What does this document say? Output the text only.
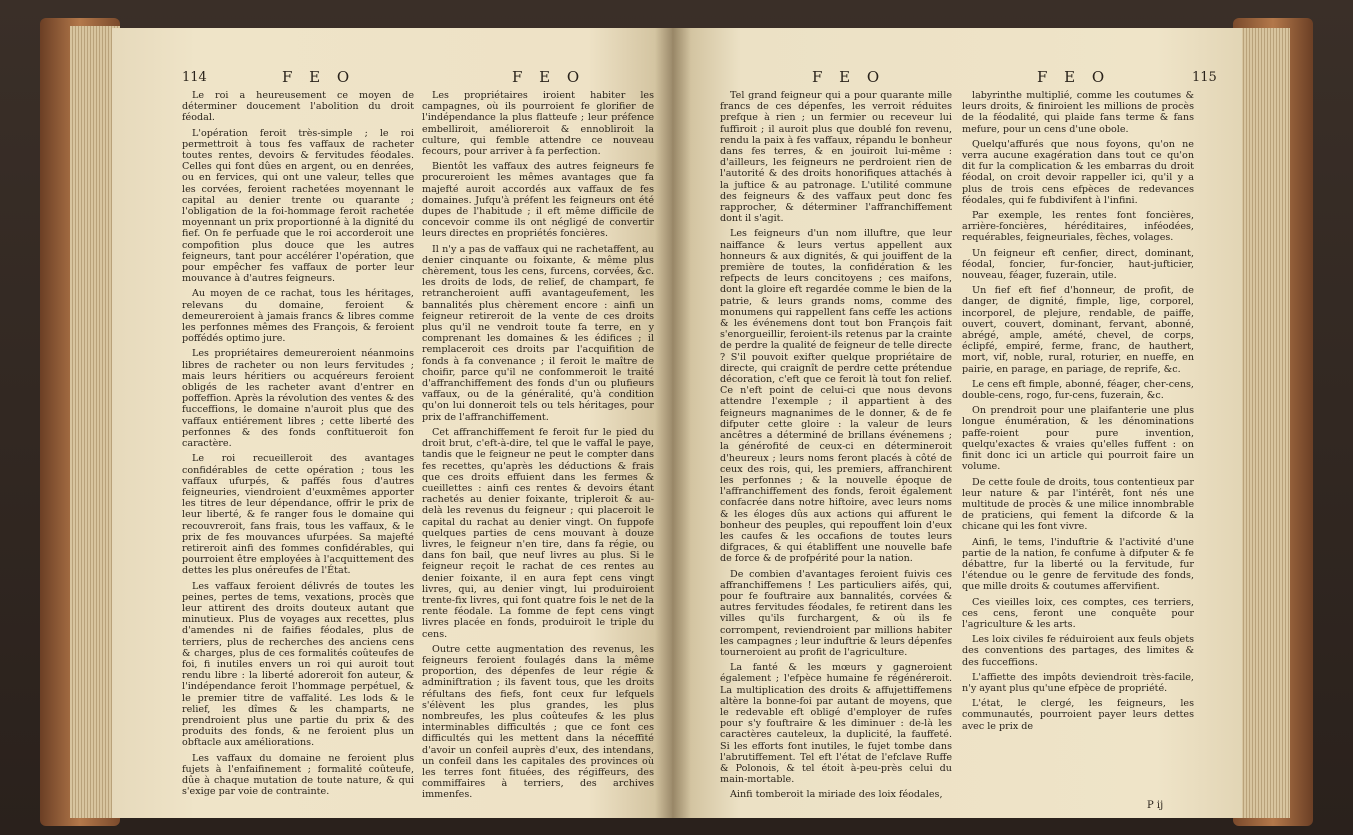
114	F E O	F E O

Le roi a heureusement ce moyen de déterminer doucement l'abolition du droit féodal.

L'opération feroit très-simple ; le roi permettroit à tous fes vaffaux de racheter toutes rentes, devoirs & fervitudes féodales. Celles qui font dûes en argent, ou en denrées, ou en fervices, qui ont une valeur, telles que les corvées, feroient rachetées moyennant le capital au denier trente ou quarante ; l'obligation de la foi-hommage feroit rachetée moyennant un prix proportionné à la dignité du fief. On fe perfuade que le roi accorderoit une compofition plus douce que les autres feigneurs, tant pour accélérer l'opération, que pour empêcher fes vaffaux de porter leur mouvance à d'autres feigneurs.

Au moyen de ce rachat, tous les héritages, relevans du domaine, feroient & demeureroient à jamais francs & libres comme les perfonnes mêmes des François, & feroient poffédés optimo jure.

Les propriétaires demeureroient néanmoins libres de racheter ou non leurs fervitudes ; mais leurs héritiers ou acquéreurs feroient obligés de les racheter avant d'entrer en poffeffion. Après la révolution des ventes & des fucceffions, le domaine n'auroit plus que des vaffaux entiérement libres ; cette liberté des perfonnes & des fonds conftitueroit fon caractère.

Le roi recueilleroit des avantages confidérables de cette opération ; tous les vaffaux ufurpés, & paffés fous d'autres feigneuries, viendroient d'euxmêmes apporter les titres de leur dépendance, offrir le prix de leur liberté, & fe ranger fous le domaine qui recouvreroit, fans frais, tous les vaffaux, & le prix de fes mouvances ufurpées. Sa majefté retireroit ainfi des fommes confidérables, qui pourroient être employées à l'acquittement des dettes les plus onéreufes de l'État.

Les vaffaux feroient délivrés de toutes les peines, pertes de tems, vexations, procès que leur attirent des droits douteux autant que minutieux. Plus de voyages aux recettes, plus d'amendes ni de faifies féodales, plus de terriers, plus de recherches des anciens cens & charges, plus de ces formalités coûteufes de foi, fi inutiles envers un roi qui auroit tout rendu libre : la liberté adoreroit fon auteur, & l'indépendance feroit l'hommage perpétuel, & le premier titre de vaffalité. Les lods & le relief, les dîmes & les champarts, ne prendroient plus une partie du prix & des produits des fonds, & ne feroient plus un obftacle aux améliorations.

Les vaffaux du domaine ne feroient plus fujets à l'enfaifinement ; formalité coûteufe, dûe à chaque mutation de toute nature, & qui s'exige par voie de contrainte.

Les propriétaires iroient habiter les campagnes, où ils pourroient fe glorifier de l'indépendance la plus flatteufe ; leur préfence embelliroit, amélioreroit & ennobliroit la culture, qui femble attendre ce nouveau fecours, pour arriver à fa perfection.

Bientôt les vaffaux des autres feigneurs fe procureroient les mêmes avantages que fa majefté auroit accordés aux vaffaux de fes domaines. Jufqu'à préfent les feigneurs ont été dupes de l'habitude ; il eft même difficile de concevoir comme ils ont négligé de convertir leurs directes en propriétés foncières.

Il n'y a pas de vaffaux qui ne rachetaffent, au denier cinquante ou foixante, & même plus chèrement, tous les cens, furcens, corvées, &c. les droits de lods, de relief, de champart, fe retrancheroient auffi avantageufement, les bannalités plus chèrement encore : ainfi un feigneur retireroit de la vente de ces droits plus qu'il ne vendroit toute fa terre, en y comprenant les domaines & les édifices ; il remplaceroit ces droits par l'acquifition de fonds à fa convenance ; il feroit le maître de choifir, parce qu'il ne confommeroit le traité d'affranchiffement des fonds d'un ou plufieurs vaffaux, ou de la généralité, qu'à condition qu'on lui donneroit tels ou tels héritages, pour prix de l'affranchiffement.

Cet affranchiffement fe feroit fur le pied du droit brut, c'eft-à-dire, tel que le vaffal le paye, tandis que le feigneur ne peut le compter dans fes recettes, qu'après les déductions & frais que ces droits effuient dans les fermes & cueillettes : ainfi ces rentes & devoirs étant rachetés au denier foixante, tripleroit & au-delà les revenus du feigneur ; qui placeroit le capital du rachat au denier vingt. On fuppofe quelques parties de cens mouvant à douze livres, le feigneur n'en tire, dans fa régie, ou dans fon bail, que neuf livres au plus. Si le feigneur reçoit le rachat de ces rentes au denier foixante, il en aura fept cens vingt livres, qui, au denier vingt, lui produiroient trente-fix livres, qui font quatre fois le net de la rente féodale. La fomme de fept cens vingt livres placée en fonds, produiroit le triple du cens.

Outre cette augmentation des revenus, les feigneurs feroient foulagés dans la même proportion, des dépenfes de leur régie & adminiftration ; ils favent tous, que les droits réfultans des fiefs, font ceux fur lefquels s'élèvent les plus grandes, les plus nombreufes, les plus coûteufes & les plus interminables difficultés ; que ce font ces difficultés qui les mettent dans la néceffité d'avoir un confeil auprès d'eux, des intendans, un confeil dans les capitales des provinces où les terres font fituées, des régiffeurs, des commiffaires à terriers, des archives immenfes.

F E O	F E O	115

Tel grand feigneur qui a pour quarante mille francs de ces dépenfes, les verroit réduites prefque à rien ; un fermier ou receveur lui fuffiroit ; il auroit plus que doublé fon revenu, rendu la paix à fes vaffaux, répandu le bonheur dans fes terres, & en jouiroit lui-même : d'ailleurs, les feigneurs ne perdroient rien de l'autorité & des droits honorifiques attachés à la juftice & au patronage. L'utilité commune des feigneurs & des vaffaux peut donc fes rapprocher, & déterminer l'affranchiffement dont il s'agit.

Les feigneurs d'un nom illuftre, que leur naiffance & leurs vertus appellent aux honneurs & aux dignités, & qui jouiffent de la première de toutes, la confidération & les refpects de leurs concitoyens ; ces maifons, dont la gloire eft regardée comme le bien de la patrie, & leurs grands noms, comme des monumens qui rappellent fans ceffe les actions & les événemens dont tout bon François fait s'enorgueillir, feroient-ils retenus par la crainte de perdre la qualité de feigneur de telle directe ? S'il pouvoit exifter quelque propriétaire de directe, qui craignît de perdre cette prétendue décoration, c'eft que ce feroit là tout fon relief. Ce n'eft point de celui-ci que nous devons attendre l'exemple ; il appartient à des feigneurs magnanimes de le donner, & de fe difputer cette gloire : la valeur de leurs ancêtres a déterminé de brillans événemens ; la générofité de ceux-ci en détermineroit d'heureux ; leurs noms feront placés à côté de ceux des rois, qui, les premiers, affranchirent les perfonnes ; & la nouvelle époque de l'affranchiffement des fonds, feroit également confacrée dans notre hiftoire, avec leurs noms & les éloges dûs aux actions qui affurent le bonheur des peuples, qui repouffent loin d'eux les caufes & les occafions de toutes leurs difgraces, & qui établiffent une nouvelle bafe de force & de profpérité pour la nation.

De combien d'avantages feroient fuivis ces affranchiffemens ! Les particuliers aifés, qui, pour fe fouftraire aux bannalités, corvées & autres fervitudes féodales, fe retirent dans les villes qu'ils furchargent, & où ils fe corrompent, reviendroient par millions habiter les campagnes ; leur induftrie & leurs dépenfes tourneroient au profit de l'agriculture.

La fanté & les mœurs y gagneroient également ; l'efpèce humaine fe régénéreroit. La multiplication des droits & affujettiffemens altère la bonne-foi par autant de moyens, que le redevable eft obligé d'employer de rufes pour s'y fouftraire & les diminuer : de-là les caractères cauteleux, la duplicité, la fauffeté. Si les efforts font inutiles, le fujet tombe dans l'abrutiffement. Tel eft l'état de l'efclave Ruffe & Polonois, & tel étoit à-peu-près celui du main-mortable.

Ainfi tomberoit la miriade des loix féodales,

labyrinthe multiplié, comme les coutumes & leurs droits, & finiroient les millions de procès de la féodalité, qui plaide fans terme & fans mefure, pour un cens d'une obole.

Quelqu'affurés que nous foyons, qu'on ne verra aucune exagération dans tout ce qu'on dit fur la complication & les embarras du droit féodal, on croit devoir rappeller ici, qu'il y a plus de trois cens efpèces de redevances féodales, qui fe fubdivifent à l'infini.

Par exemple, les rentes font foncières, arrière-foncières, héréditaires, inféodées, requérables, feigneuriales, fèches, volages.

Un feigneur eft cenfier, direct, dominant, féodal, foncier, fur-foncier, haut-jufticier, nouveau, féager, fuzerain, utile.

Un fief eft fief d'honneur, de profit, de danger, de dignité, fimple, lige, corporel, incorporel, de plejure, rendable, de paiffe, ouvert, couvert, dominant, fervant, abonné, abrégé, ample, amété, chevel, de corps, éclipfé, empiré, ferme, franc, de hauthert, mort, vif, noble, rural, roturier, en nueffe, en pairie, en parage, en pariage, de reprife, &c.

Le cens eft fimple, abonné, féager, cher-cens, double-cens, rogo, fur-cens, fuzerain, &c.

On prendroit pour une plaifanterie une plus longue énumération, & les dénominations paffe-roient pour pure invention, quelqu'exactes & vraies qu'elles fuffent : on finit donc ici un article qui pourroit faire un volume.

De cette foule de droits, tous contentieux par leur nature & par l'intérêt, font nés une multitude de procès & une milice innombrable de praticiens, qui fement la difcorde & la chicane qui les font vivre.

Ainfi, le tems, l'induftrie & l'activité d'une partie de la nation, fe confume à difputer & fe débattre, fur la liberté ou la fervitude, fur l'étendue ou le genre de fervitude des fonds, que mille droits & coutumes affervifient.

Ces vieilles loix, ces comptes, ces terriers, ces cens, feront une conquête pour l'agriculture & les arts.

Les loix civiles fe réduiroient aux feuls objets des conventions des partages, des limites & des fucceffions.

L'affiette des impôts deviendroit très-facile, n'y ayant plus qu'une efpèce de propriété.

L'état, le clergé, les feigneurs, les communautés, pourroient payer leurs dettes avec le prix de

P ij
